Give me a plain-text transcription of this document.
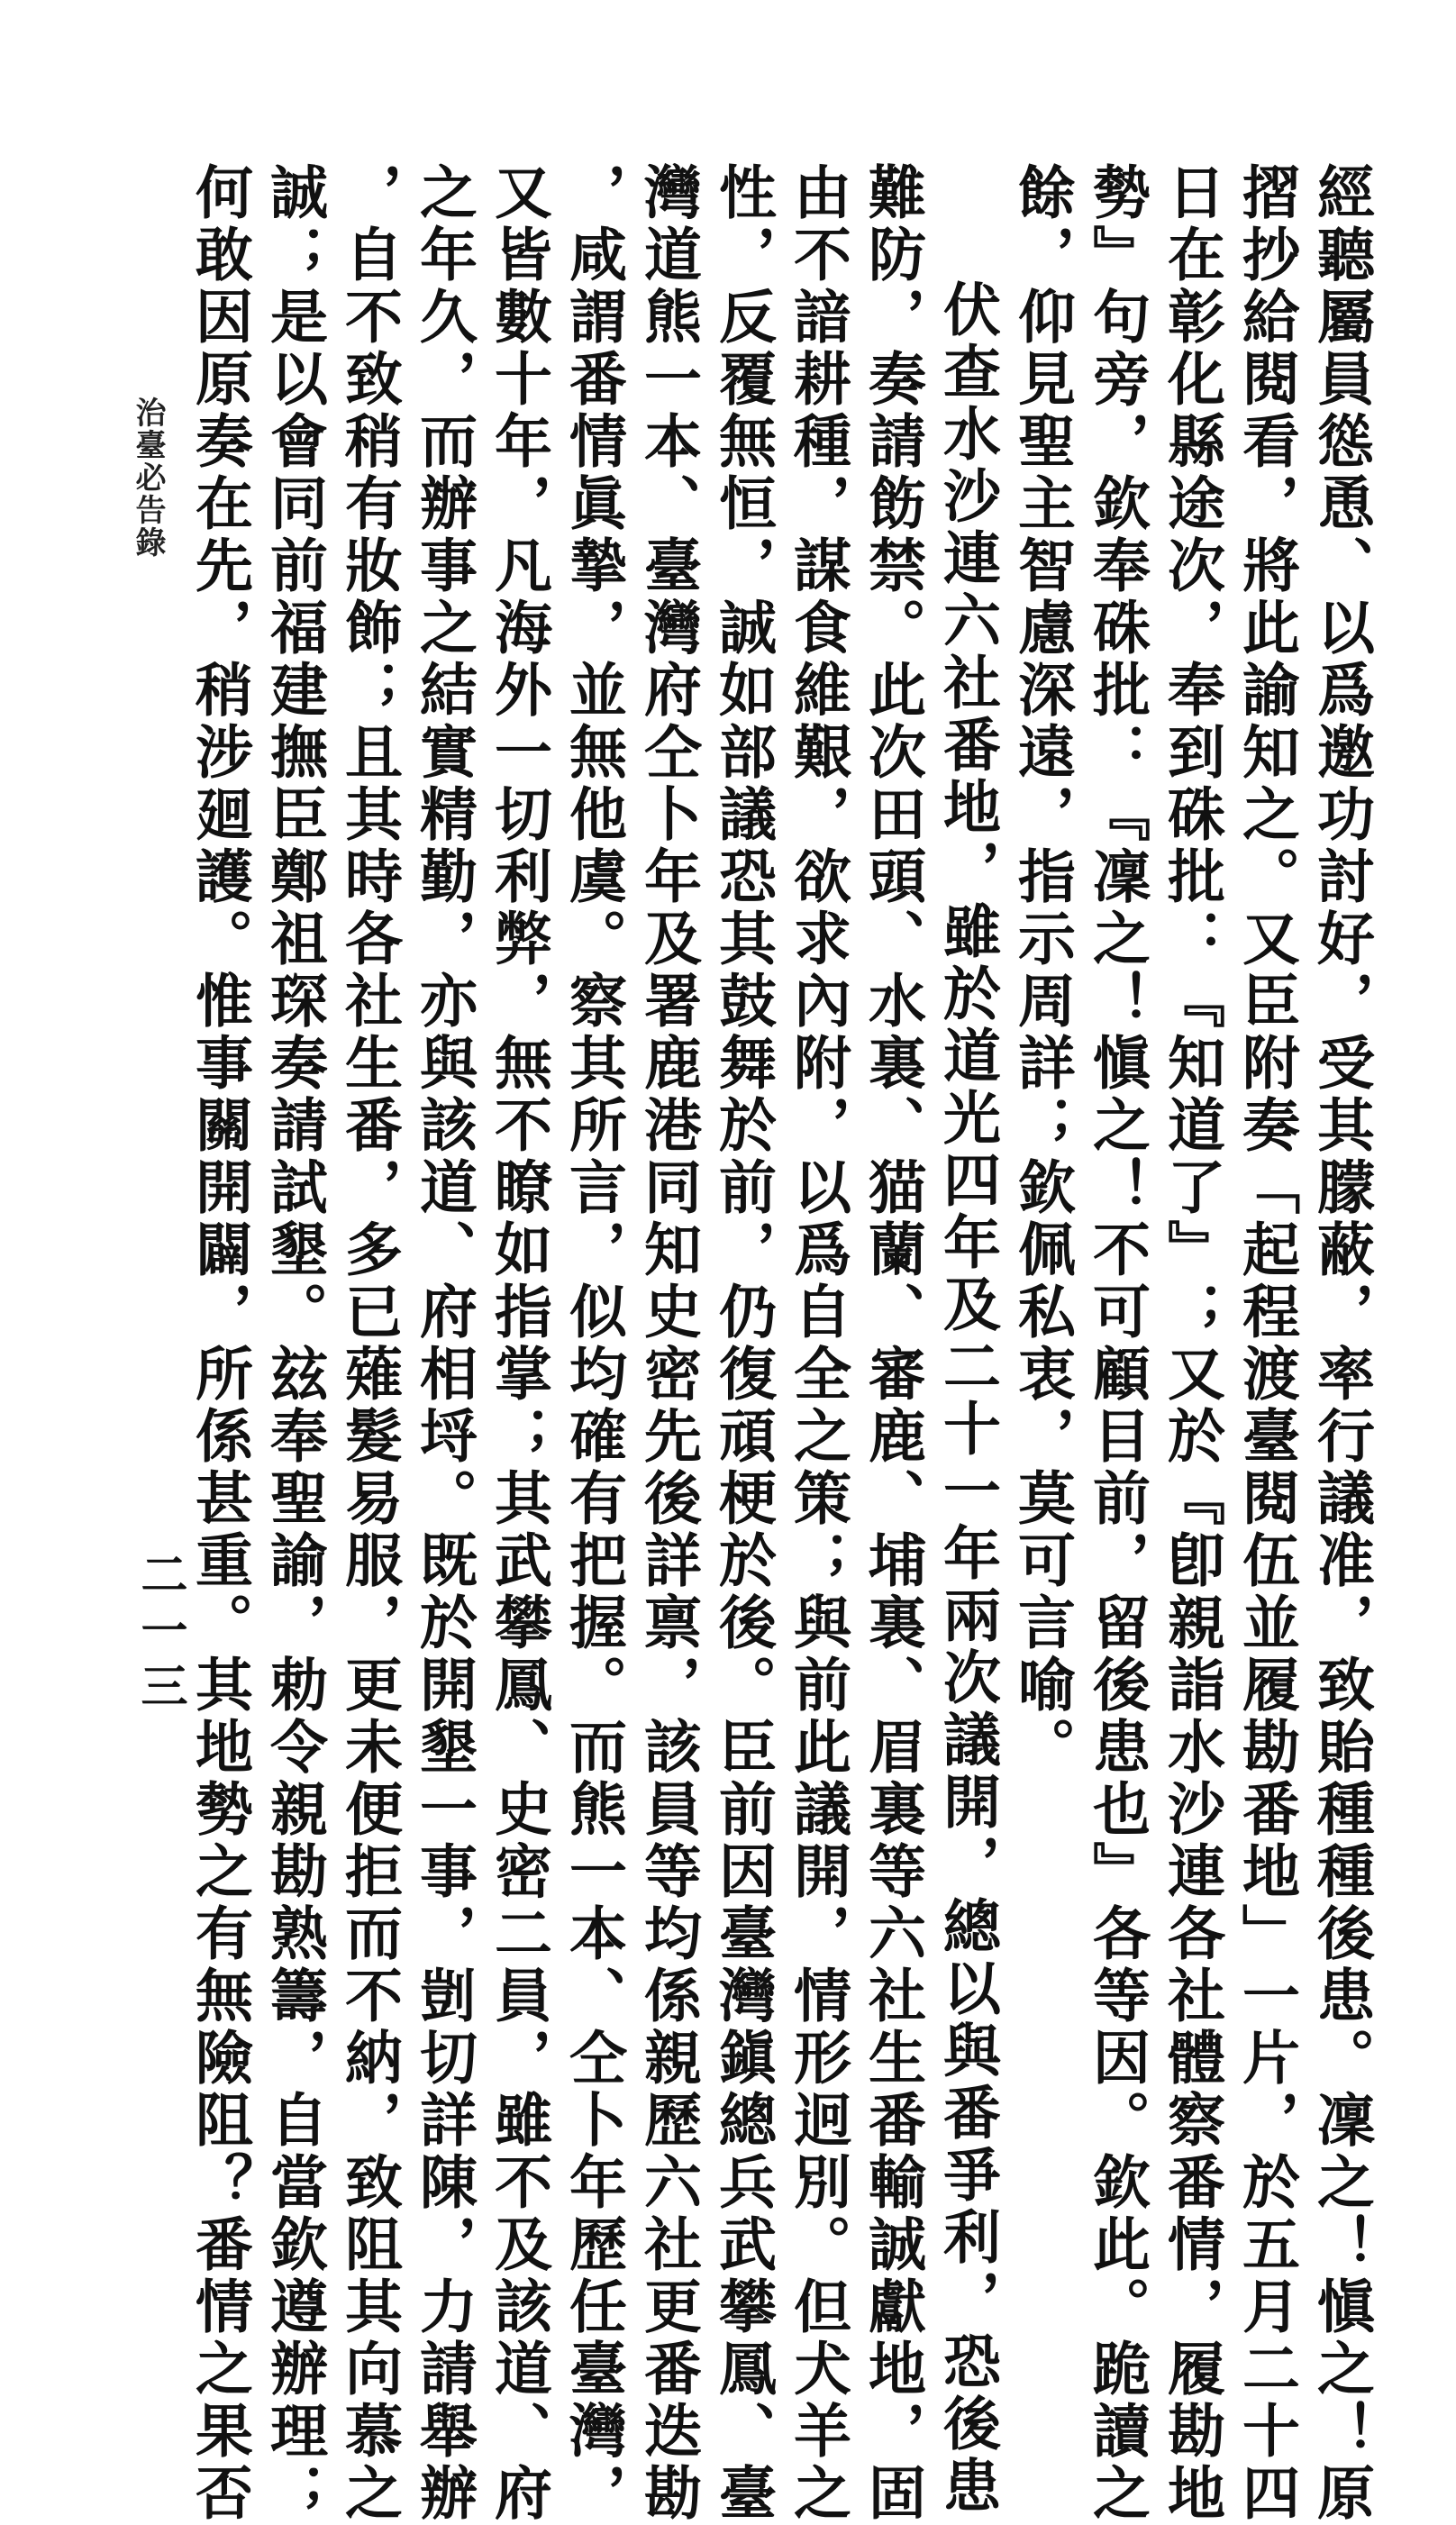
經聽屬員慫恿、以爲邀功討好，受其朦蔽，率行議准，致貽種種後患。凜之！愼之！原
摺抄給閱看，將此諭知之。又臣附奏「起程渡臺閱伍並履勘番地」一片，於五月二十四
日在彰化縣途次，奉到硃批：『知道了』；又於『卽親詣水沙連各社體察番情，履勘地
勢』句旁，欽奉硃批：『凜之！愼之！不可顧目前，留後患也』各等因。欽此。跪讀之
餘，仰見聖主智慮深遠，指示周詳；欽佩私衷，莫可言喻。
伏查水沙連六社番地，雖於道光四年及二十一年兩次議開，總以與番爭利，恐後患
難防，奏請飭禁。此次田頭、水裏、猫蘭、審鹿、埔裏、眉裏等六社生番輸誠獻地，固
由不諳耕種，謀食維艱，欲求內附，以爲自全之策；與前此議開，情形迥別。但犬羊之
性，反覆無恒，誠如部議恐其鼓舞於前，仍復頑梗於後。臣前因臺灣鎭總兵武攀鳳、臺
灣道熊一本、臺灣府仝卜年及署鹿港同知史密先後詳禀，該員等均係親歷六社更番迭勘
，咸謂番情眞摯，並無他虞。察其所言，似均確有把握。而熊一本、仝卜年歷任臺灣，
又皆數十年，凡海外一切利弊，無不瞭如指掌；其武攀鳳、史密二員，雖不及該道、府
之年久，而辦事之結實精勤，亦與該道、府相埒。既於開墾一事，剴切詳陳，力請舉辦
，自不致稍有妝飾；且其時各社生番，多已薙髮易服，更未便拒而不納，致阻其向慕之
誠；是以會同前福建撫臣鄭祖琛奏請試墾。玆奉聖諭，勅令親勘熟籌，自當欽遵辦理；
何敢因原奏在先，稍涉廻護。惟事關開闢，所係甚重。其地勢之有無險阻？番情之果否
治臺必告錄
二一三
